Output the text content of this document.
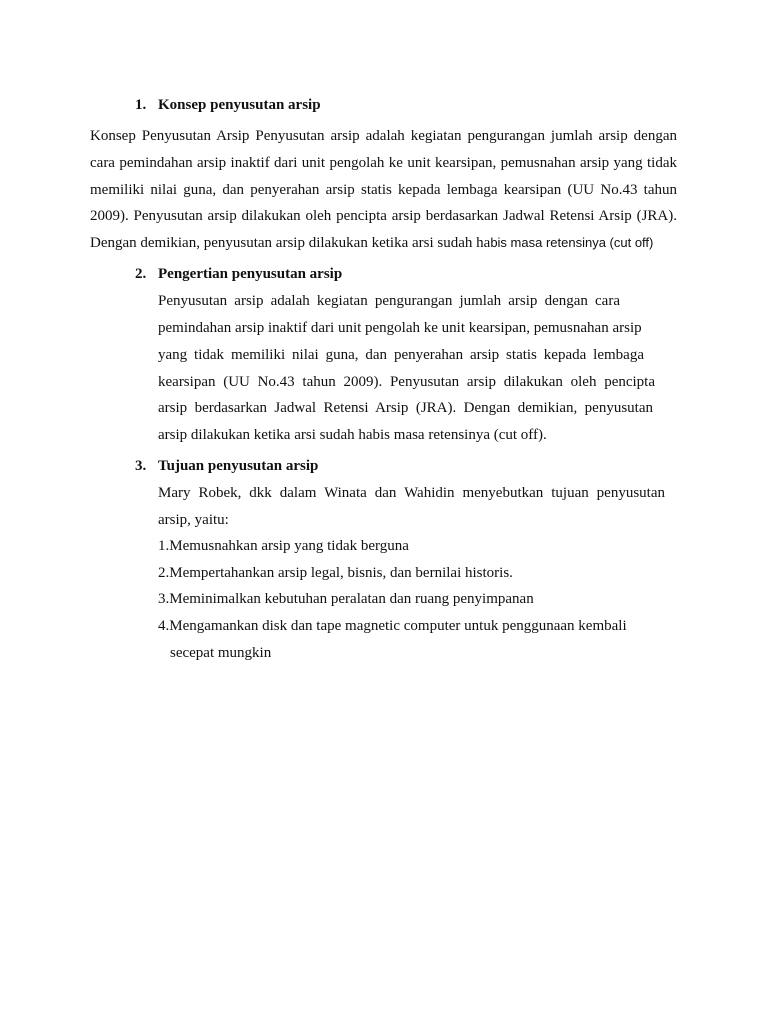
1. Konsep penyusutan arsip
Konsep Penyusutan Arsip Penyusutan arsip adalah kegiatan pengurangan jumlah arsip dengan
cara pemindahan arsip inaktif dari unit pengolah ke unit kearsipan, pemusnahan arsip yang tidak
memiliki nilai guna, dan penyerahan arsip statis kepada lembaga kearsipan (UU No.43 tahun
2009). Penyusutan arsip dilakukan oleh pencipta arsip berdasarkan Jadwal Retensi Arsip (JRA).
Dengan demikian, penyusutan arsip dilakukan ketika arsi sudah habis masa retensinya (cut off)
2. Pengertian penyusutan arsip
Penyusutan arsip adalah kegiatan pengurangan jumlah arsip dengan cara
pemindahan arsip inaktif dari unit pengolah ke unit kearsipan, pemusnahan arsip
yang tidak memiliki nilai guna, dan penyerahan arsip statis kepada lembaga
kearsipan (UU No.43 tahun 2009). Penyusutan arsip dilakukan oleh pencipta
arsip berdasarkan Jadwal Retensi Arsip (JRA). Dengan demikian, penyusutan
arsip dilakukan ketika arsi sudah habis masa retensinya (cut off).
3. Tujuan penyusutan arsip
Mary Robek, dkk dalam Winata dan Wahidin menyebutkan tujuan penyusutan
arsip, yaitu:
1.Memusnahkan arsip yang tidak berguna
2.Mempertahankan arsip legal, bisnis, dan bernilai historis.
3.Meminimalkan kebutuhan peralatan dan ruang penyimpanan
4.Mengamankan disk dan tape magnetic computer untuk penggunaan kembali
secepat mungkin
